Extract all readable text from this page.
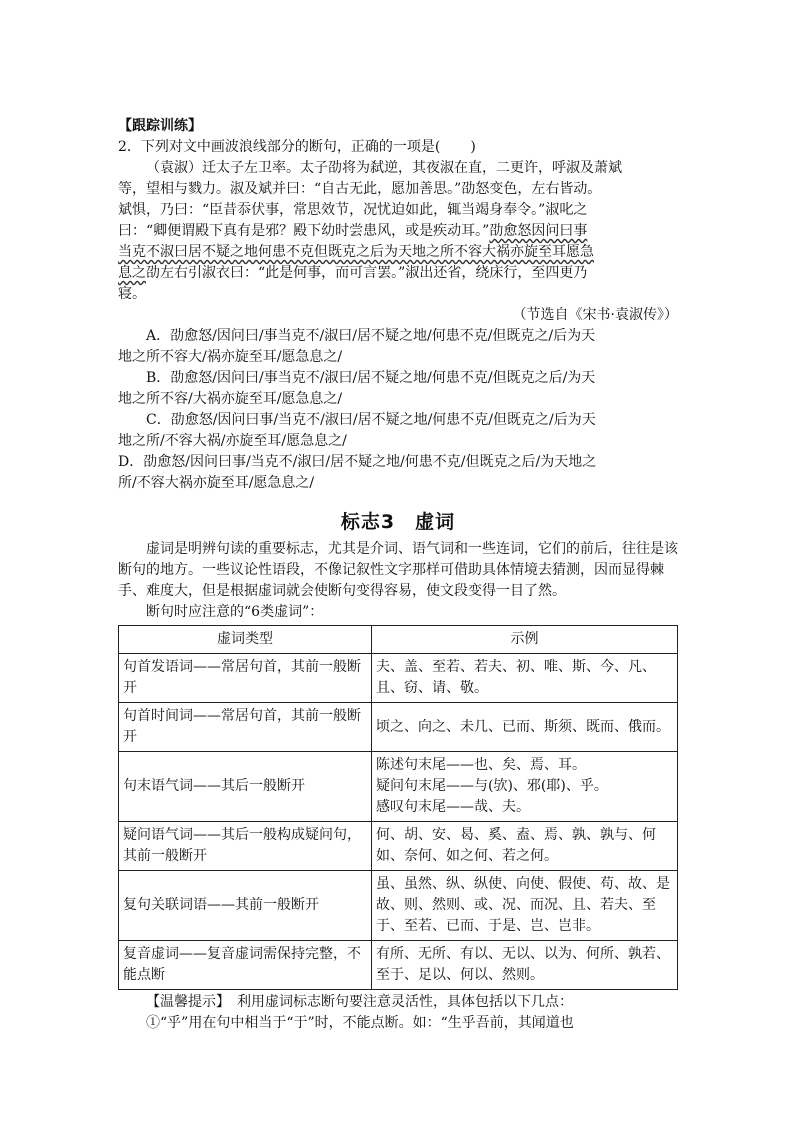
【跟踪训练】

2．下列对文中画波浪线部分的断句，正确的一项是( )

（袁淑）迁太子左卫率。太子劭将为弑逆，其夜淑在直，二更许，呼淑及萧斌
等，望相与戮力。淑及斌并曰：“自古无此，愿加善思。”劭怒变色，左右皆动。
斌惧，乃曰：“臣昔忝伏事，常思效节，况忧迫如此，辄当竭身奉令。”淑叱之
曰：“卿便谓殿下真有是邪？殿下幼时尝患风，或是疾动耳。”劭愈怒因问曰事
当克不淑曰居不疑之地何患不克但既克之后为天地之所不容大祸亦旋至耳愿急
息之劭左右引淑衣曰：“此是何事，而可言罢。”淑出还省，绕床行，至四更乃
寝。
（节选自《宋书·袁淑传》）
A．劭愈怒/因问曰/事当克不/淑曰/居不疑之地/何患不克/但既克之/后为天
地之所不容大/祸亦旋至耳/愿急息之/
B．劭愈怒/因问曰/事当克不/淑曰/居不疑之地/何患不克/但既克之后/为天
地之所不容/大祸亦旋至耳/愿急息之/
C．劭愈怒/因问曰事/当克不/淑曰/居不疑之地/何患不克/但既克之/后为天
地之所/不容大祸/亦旋至耳/愿急息之/
D．劭愈怒/因问曰事/当克不/淑曰/居不疑之地/何患不克/但既克之后/为天地之
所/不容大祸亦旋至耳/愿急息之/
标志3　虚词
虚词是明辨句读的重要标志，尤其是介词、语气词和一些连词，它们的前后，往往是该断句的地方。一些议论性语段，不像记叙性文字那样可借助具体情境去猜测，因而显得棘手、难度大，但是根据虚词就会使断句变得容易，使文段变得一目了然。
断句时应注意的“6类虚词”：
虚词类型	示例
句首发语词——常居句首，其前一般断开	夫、盖、至若、若夫、初、唯、斯、今、凡、且、窃、请、敬。
句首时间词——常居句首，其前一般断开	顷之、向之、未几、已而、斯须、既而、俄而。
句末语气词——其后一般断开	陈述句末尾——也、矣、焉、耳。
疑问句末尾——与(欤)、邪(耶)、乎。
感叹句末尾——哉、夫。

疑问语气词——其后一般构成疑问句，其前一般断开	何、胡、安、曷、奚、盍、焉、孰、孰与、何如、奈何、如之何、若之何。
复句关联词语——其前一般断开	虽、虽然、纵、纵使、向使、假使、苟、故、是故、则、然则、或、况、而况、且、若夫、至于、至若、已而、于是、岂、岂非。
复音虚词——复音虚词需保持完整，不能点断	有所、无所、有以、无以、以为、何所、孰若、至于、足以、何以、然则。
【温馨提示】　 利用虚词标志断句要注意灵活性，具体包括以下几点：
①“乎”用在句中相当于“于”时，不能点断。如：“生乎吾前，其闻道也
